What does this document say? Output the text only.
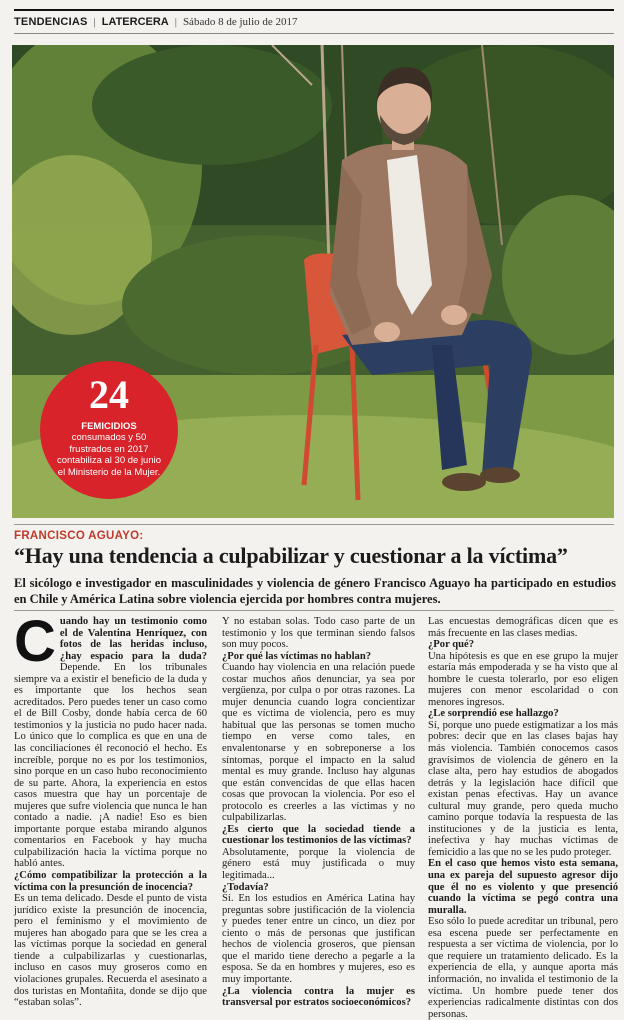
TENDENCIAS | LATERCERA | Sábado 8 de julio de 2017
24
FEMICIDIOS
consumados y 50 frustrados en 2017 contabiliza al 30 de junio el Ministerio de la Mujer.
FRANCISCO AGUAYO:
“Hay una tendencia a culpabilizar y cuestionar a la víctima”
El sicólogo e investigador en masculinidades y violencia de género Francisco Aguayo ha participado en estudios en Chile y América Latina sobre violencia ejercida por hombres contra mujeres.

C uando hay un testimonio como el de Valentina Henríquez, con fotos de las heridas incluso, ¿hay espacio para la duda? Depende. En los tribunales siempre va a existir el beneficio de la duda y es importante que los hechos sean acreditados. Pero puedes tener un caso como el de Bill Cosby, donde había cerca de 60 testimonios y la justicia no pudo hacer nada. Lo único que lo complica es que en una de las conciliaciones él reconoció el hecho. Es increíble, porque no es por los testimonios, sino porque en un caso hubo reconocimiento de su parte. Ahora, la experiencia en estos casos muestra que hay un porcentaje de mujeres que sufre violencia que nunca le han contado a nadie. ¡A nadie! Eso es bien importante porque estaba mirando algunos comentarios en Facebook y hay mucha culpabilización hacia la víctima porque no habló antes.

¿Cómo compatibilizar la protección a la víctima con la presunción de inocencia?

Es un tema delicado. Desde el punto de vista jurídico existe la presunción de inocencia, pero el feminismo y el movimiento de mujeres han abogado para que se les crea a las víctimas porque la sociedad en general tiende a culpabilizarlas y cuestionarlas, incluso en casos muy groseros como en violaciones grupales. Recuerda el asesinato a dos turistas en Montañita, donde se dijo que “estaban solas”.

Y no estaban solas. Todo caso parte de un testimonio y los que terminan siendo falsos son muy pocos.

¿Por qué las víctimas no hablan?

Cuando hay violencia en una relación puede costar muchos años denunciar, ya sea por vergüenza, por culpa o por otras razones. La mujer denuncia cuando logra concientizar que es víctima de violencia, pero es muy habitual que las personas se tomen mucho tiempo en verse como tales, en envalentonarse y en sobreponerse a los síntomas, porque el impacto en la salud mental es muy grande. Incluso hay algunas que están convencidas de que ellas hacen cosas que provocan la violencia. Por eso el protocolo es creerles a las víctimas y no culpabilizarlas.

¿Es cierto que la sociedad tiende a cuestionar los testimonios de las víctimas?

Absolutamente, porque la violencia de género está muy justificada o muy legitimada...

¿Todavía?

Sí. En los estudios en América Latina hay preguntas sobre justificación de la violencia y puedes tener entre un cinco, un diez por ciento o más de personas que justifican hechos de violencia groseros, que piensan que el marido tiene derecho a pegarle a la esposa. Se da en hombres y mujeres, eso es muy importante.

¿La violencia contra la mujer es transversal por estratos socioeconómicos?

Las encuestas demográficas dicen que es más frecuente en las clases medias.

¿Por qué?

Una hipótesis es que en ese grupo la mujer estaría más empoderada y se ha visto que al hombre le cuesta tolerarlo, por eso eligen mujeres con menor escolaridad o con menores ingresos.

¿Le sorprendió ese hallazgo?

Sí, porque uno puede estigmatizar a los más pobres: decir que en las clases bajas hay más violencia. También conocemos casos gravísimos de violencia de género en la clase alta, pero hay estudios de abogados detrás y la legislación hace difícil que existan penas efectivas. Hay un avance cultural muy grande, pero queda mucho camino porque todavía la respuesta de las instituciones y de la justicia es lenta, inefectiva y hay muchas víctimas de femicidio a las que no se les pudo proteger.

En el caso que hemos visto esta semana, una ex pareja del supuesto agresor dijo que él no es violento y que presenció cuando la víctima se pegó contra una muralla.

Eso sólo lo puede acreditar un tribunal, pero esa escena puede ser perfectamente en respuesta a ser víctima de violencia, por lo que requiere un tratamiento delicado. Es la experiencia de ella, y aunque aporta más información, no invalida el testimonio de la víctima. Un hombre puede tener dos experiencias radicalmente distintas con dos personas.
